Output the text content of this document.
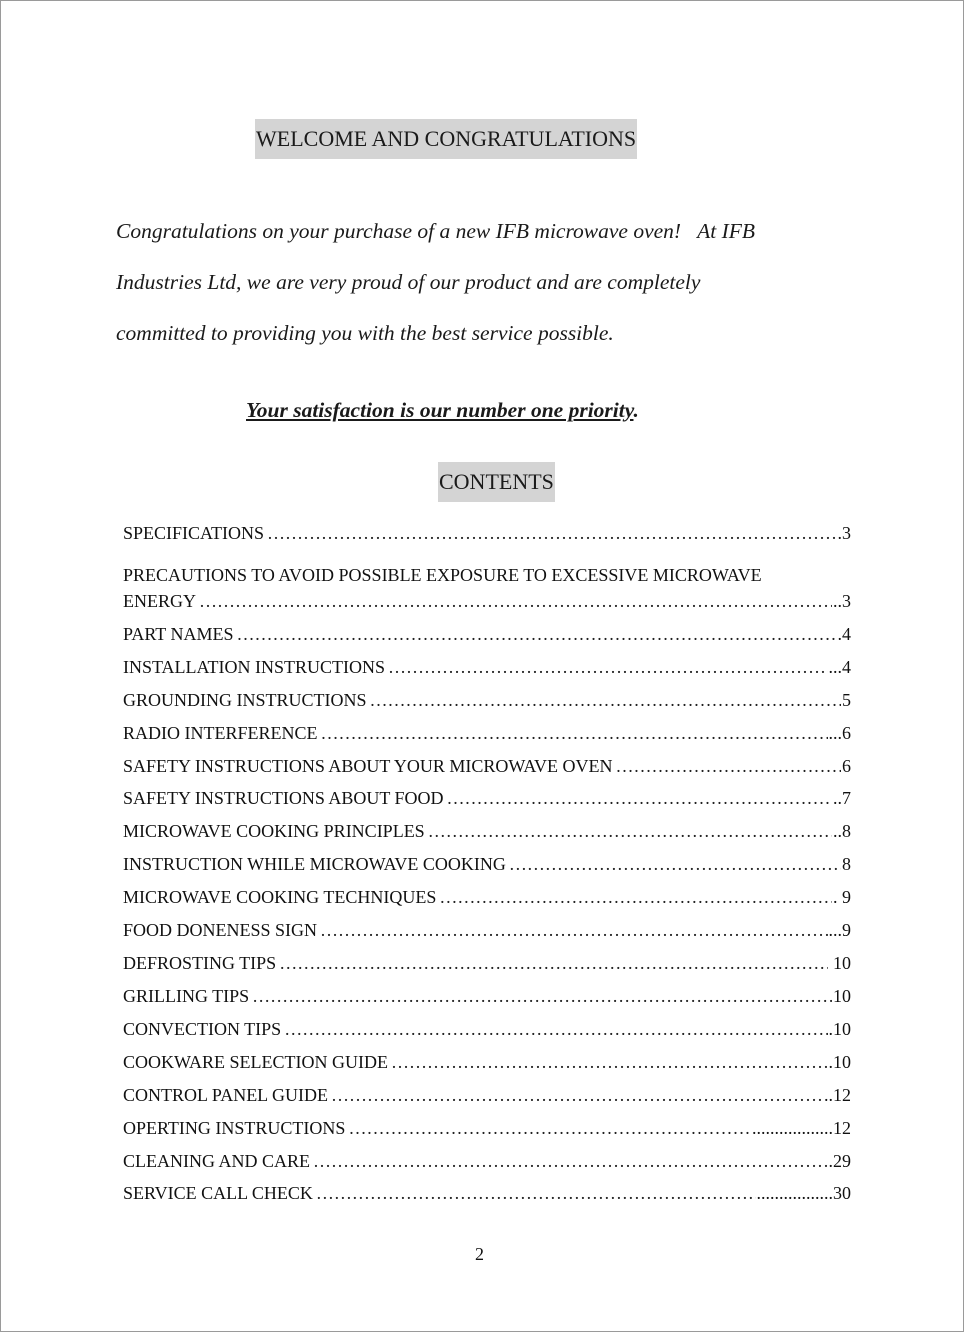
WELCOME AND CONGRATULATIONS
Congratulations on your purchase of a new IFB microwave oven! At IFB
Industries Ltd, we are very proud of our product and are completely
committed to providing you with the best service possible.
Your satisfaction is our number one priority.
CONTENTS
SPECIFICATIONS ……………………………………………………………………………………………………………………………………………………………………………	.3
PRECAUTIONS TO AVOID POSSIBLE EXPOSURE TO EXCESSIVE MICROWAVE
ENERGY ……………………………………………………………………………………………………………………………………………………………………………	..3
PART NAMES ……………………………………………………………………………………………………………………………………………………………………………	.4
INSTALLATION INSTRUCTIONS ……………………………………………………………………………………………………………………………………………………………………………	...4
GROUNDING INSTRUCTIONS ……………………………………………………………………………………………………………………………………………………………………………	5
RADIO INTERFERENCE ……………………………………………………………………………………………………………………………………………………………………………	...6
SAFETY INSTRUCTIONS ABOUT YOUR MICROWAVE OVEN ……………………………………………………………………………………………………………………………………………………………………………	6
SAFETY INSTRUCTIONS ABOUT FOOD ……………………………………………………………………………………………………………………………………………………………………………	..7
MICROWAVE COOKING PRINCIPLES ……………………………………………………………………………………………………………………………………………………………………………	..8
INSTRUCTION WHILE MICROWAVE COOKING ……………………………………………………………………………………………………………………………………………………………………………	8
MICROWAVE COOKING TECHNIQUES ……………………………………………………………………………………………………………………………………………………………………………	. 9
FOOD DONENESS SIGN ……………………………………………………………………………………………………………………………………………………………………………	...9
DEFROSTING TIPS ……………………………………………………………………………………………………………………………………………………………………………	10
GRILLING TIPS ……………………………………………………………………………………………………………………………………………………………………………	10
CONVECTION TIPS ……………………………………………………………………………………………………………………………………………………………………………	.10
COOKWARE SELECTION GUIDE ……………………………………………………………………………………………………………………………………………………………………………	.10
CONTROL PANEL GUIDE ……………………………………………………………………………………………………………………………………………………………………………	..12
OPERTING INSTRUCTIONS ……………………………………………………………………………………………………………………………………………………………………………	..................12
CLEANING AND CARE ……………………………………………………………………………………………………………………………………………………………………………	.29
SERVICE CALL CHECK ……………………………………………………………………………………………………………………………………………………………………………	.................30
2
